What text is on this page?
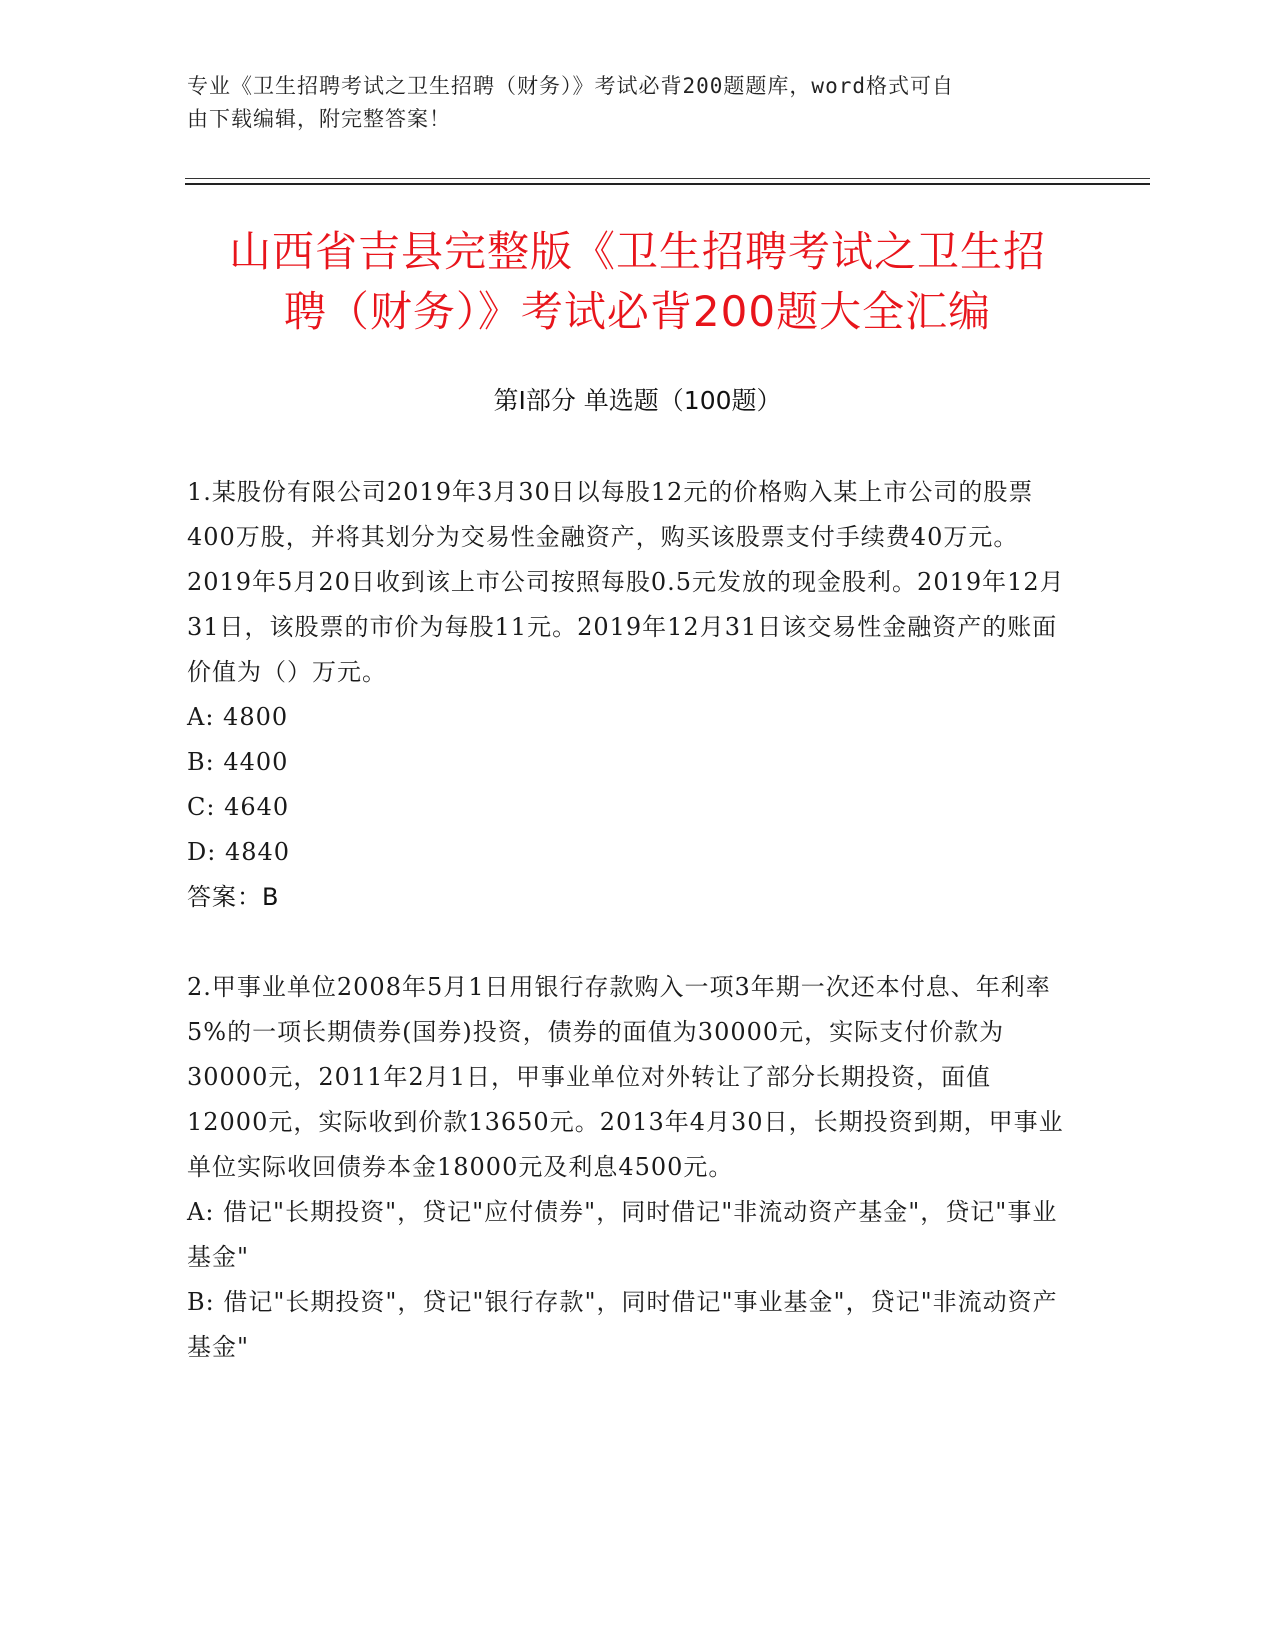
专业《卫生招聘考试之卫生招聘（财务）》考试必背200题题库，word格式可自
由下载编辑，附完整答案！
山西省吉县完整版《卫生招聘考试之卫生招
聘（财务）》考试必背200题大全汇编
第I部分 单选题（100题）

1.某股份有限公司2019年3月30日以每股12元的价格购入某上市公司的股票400万股，并将其划分为交易性金融资产，购买该股票支付手续费40万元。2019年5月20日收到该上市公司按照每股0.5元发放的现金股利。2019年12月31日，该股票的市价为每股11元。2019年12月31日该交易性金融资产的账面价值为（）万元。

A: 4800

B: 4400

C: 4640

D: 4840

答案：B

2.甲事业单位2008年5月1日用银行存款购入一项3年期一次还本付息、年利率5%的一项长期债券(国券)投资，债券的面值为30000元，实际支付价款为30000元，2011年2月1日，甲事业单位对外转让了部分长期投资，面值12000元，实际收到价款13650元。2013年4月30日，长期投资到期，甲事业单位实际收回债券本金18000元及利息4500元。

A: 借记"长期投资"，贷记"应付债券"，同时借记"非流动资产基金"，贷记"事业基金"

B: 借记"长期投资"，贷记"银行存款"，同时借记"事业基金"，贷记"非流动资产基金"
